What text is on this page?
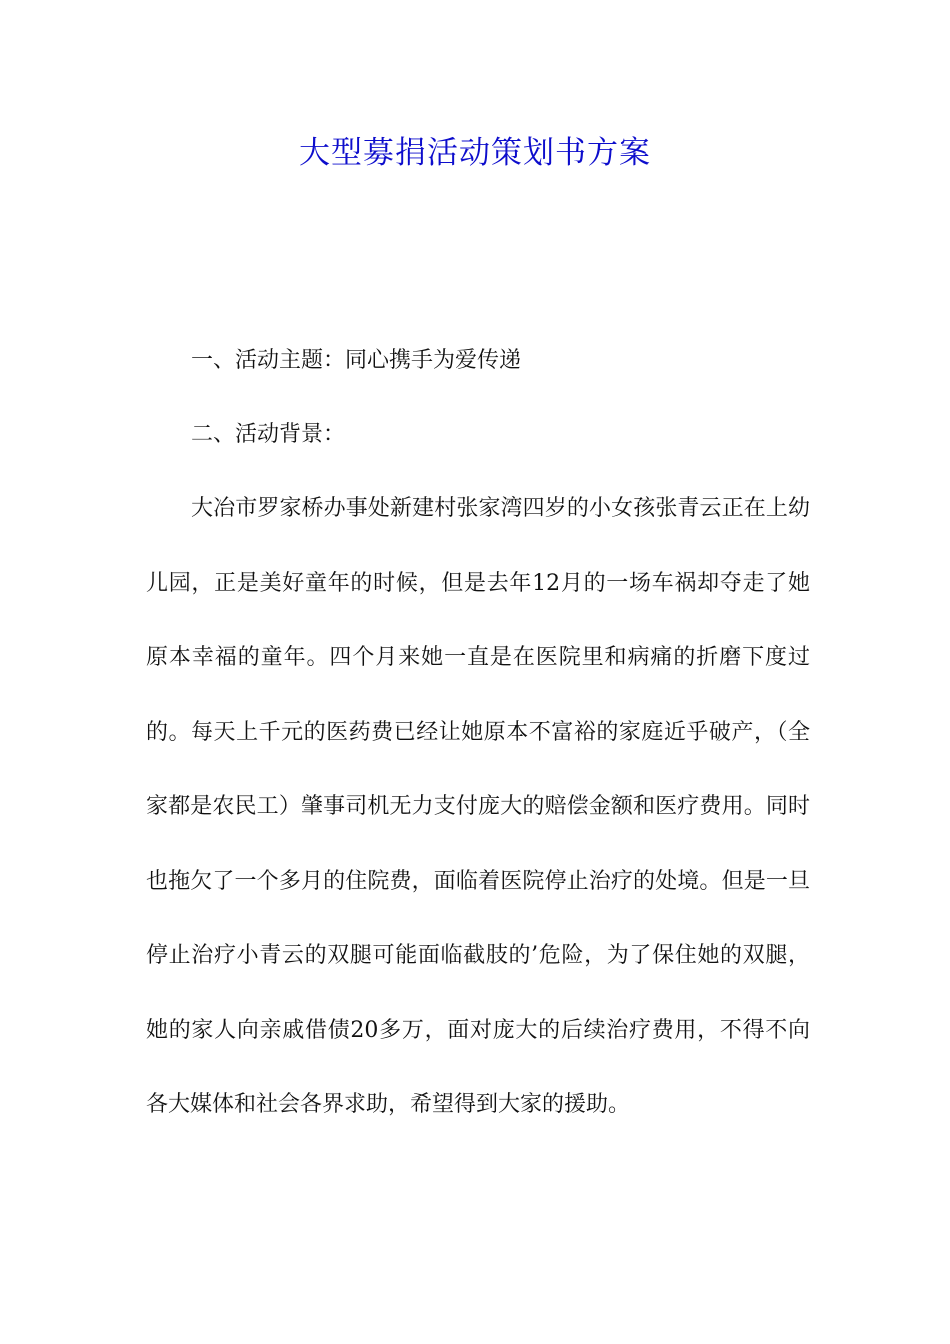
大型募捐活动策划书方案

一、活动主题：同心携手为爱传递

二、活动背景：

大冶市罗家桥办事处新建村张家湾四岁的小女孩张青云正在上幼儿园，正是美好童年的时候，但是去年12月的一场车祸却夺走了她原本幸福的童年。四个月来她一直是在医院里和病痛的折磨下度过的。每天上千元的医药费已经让她原本不富裕的家庭近乎破产，（全家都是农民工）肇事司机无力支付庞大的赔偿金额和医疗费用。同时也拖欠了一个多月的住院费，面临着医院停止治疗的处境。但是一旦停止治疗小青云的双腿可能面临截肢的’危险，为了保住她的双腿，她的家人向亲戚借债20多万，面对庞大的后续治疗费用，不得不向各大媒体和社会各界求助，希望得到大家的援助。
